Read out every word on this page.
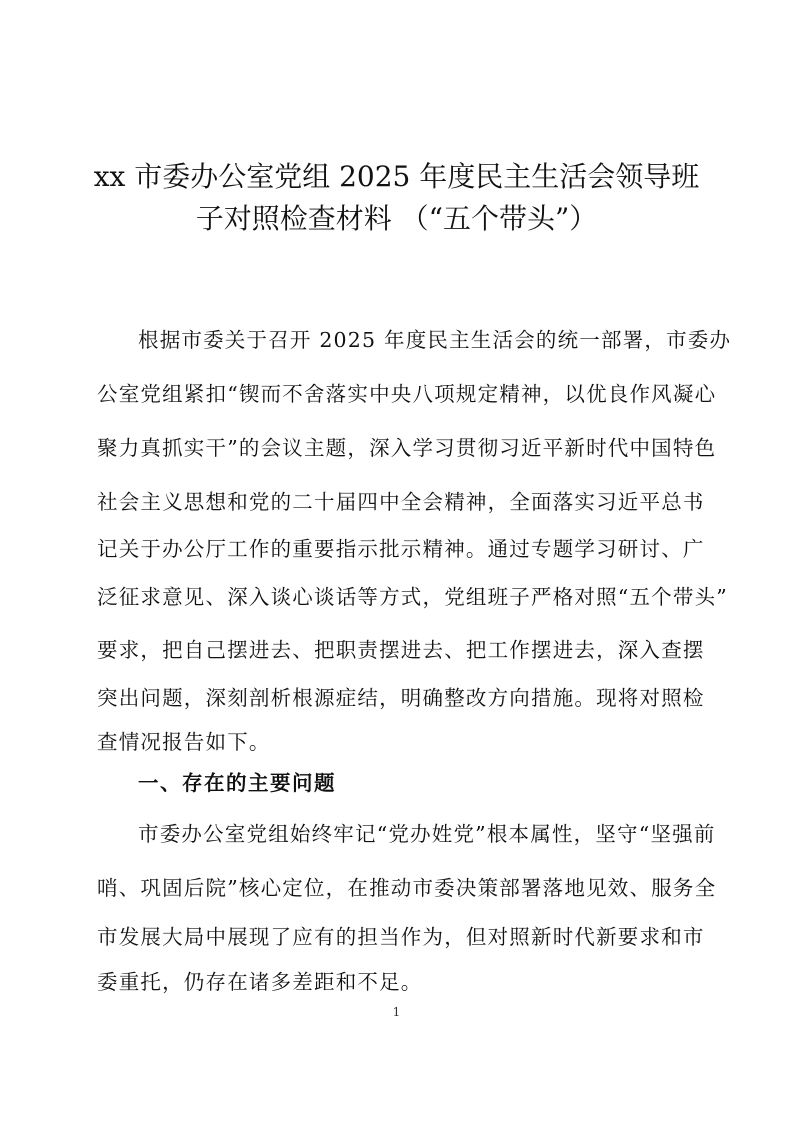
xx 市委办公室党组 2025 年度民主生活会领导班
子对照检查材料 （“五个带头”）
根据市委关于召开 2025 年度民主生活会的统一部署，市委办
公室党组紧扣“锲而不舍落实中央八项规定精神，以优良作风凝心
聚力真抓实干”的会议主题，深入学习贯彻习近平新时代中国特色
社会主义思想和党的二十届四中全会精神，全面落实习近平总书
记关于办公厅工作的重要指示批示精神。通过专题学习研讨、广
泛征求意见、深入谈心谈话等方式，党组班子严格对照“五个带头”
要求，把自己摆进去、把职责摆进去、把工作摆进去，深入查摆
突出问题，深刻剖析根源症结，明确整改方向措施。现将对照检
查情况报告如下。
一、存在的主要问题
市委办公室党组始终牢记“党办姓党”根本属性，坚守“坚强前
哨、巩固后院”核心定位，在推动市委决策部署落地见效、服务全
市发展大局中展现了应有的担当作为，但对照新时代新要求和市
委重托，仍存在诸多差距和不足。
1
